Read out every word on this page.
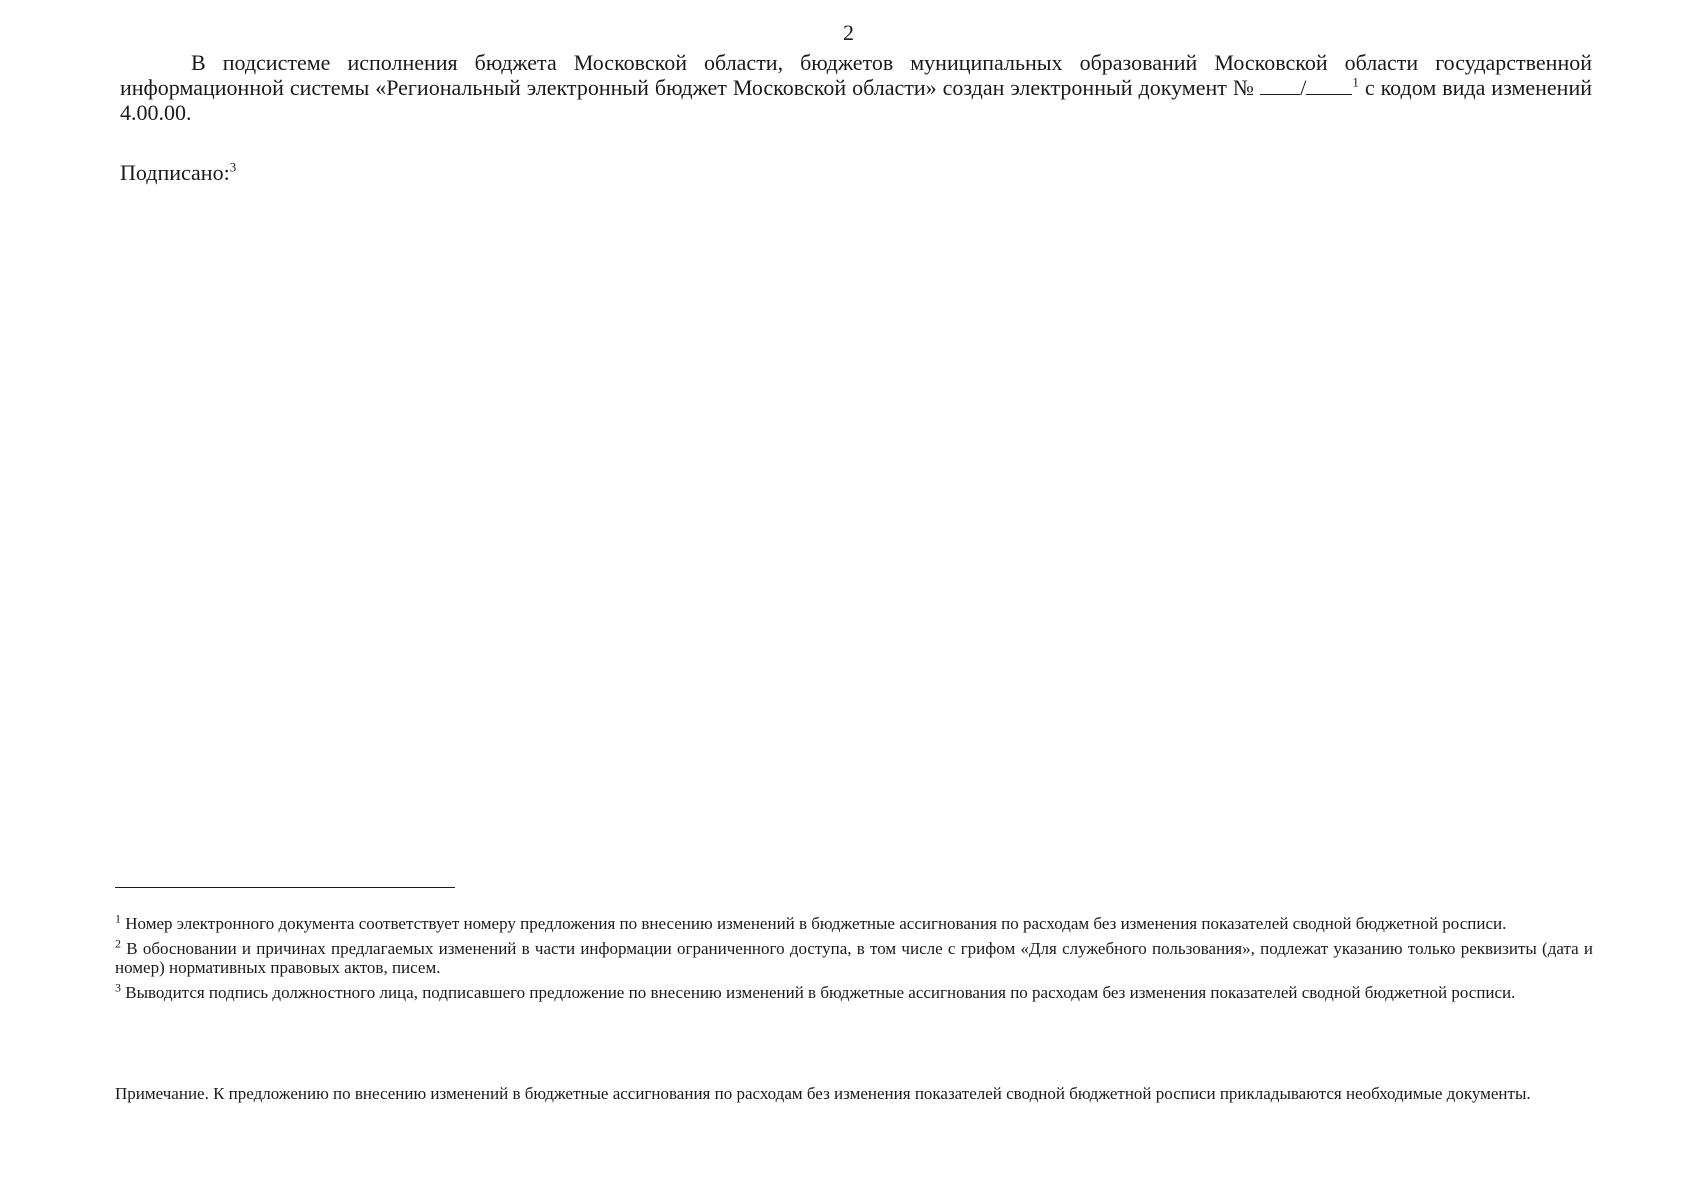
2

В подсистеме исполнения бюджета Московской области, бюджетов муниципальных образований Московской области государственной информационной системы «Региональный электронный бюджет Московской области» создан электронный документ № /	$^1$ с кодом вида изменений 4.00.00.

Подписано:$^3$

$^1$ Номер электронного документа соответствует номеру предложения по внесению изменений в бюджетные ассигнования по расходам без изменения показателей сводной бюджетной росписи.

$^2$ В обосновании и причинах предлагаемых изменений в части информации ограниченного доступа, в том числе с грифом «Для служебного пользования», подлежат указанию только реквизиты (дата и номер) нормативных правовых актов, писем.

$^3$ Выводится подпись должностного лица, подписавшего предложение по внесению изменений в бюджетные ассигнования по расходам без изменения показателей сводной бюджетной росписи.

Примечание. К предложению по внесению изменений в бюджетные ассигнования по расходам без изменения показателей сводной бюджетной росписи прикладываются необходимые документы.
